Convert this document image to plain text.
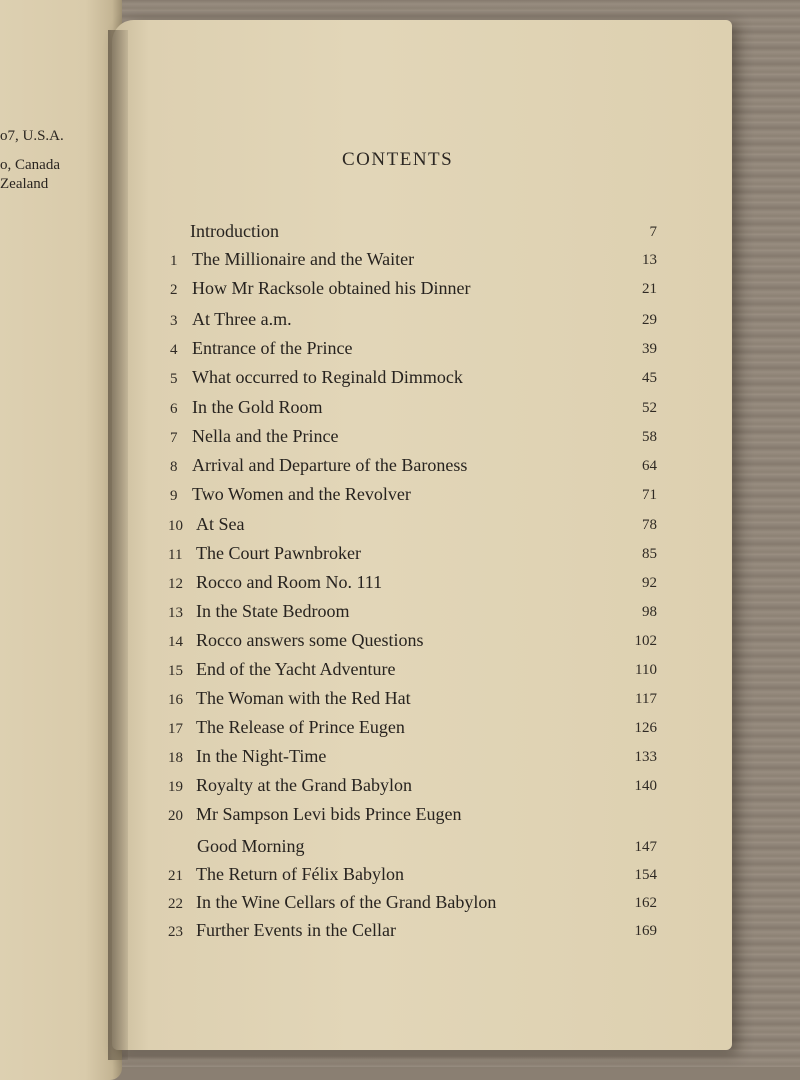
o7, U.S.A.
o, Canada
Zealand
CONTENTS
Introduction	7
1 The Millionaire and the Waiter	13
2 How Mr Racksole obtained his Dinner	21
3 At Three a.m.	29
4 Entrance of the Prince	39
5 What occurred to Reginald Dimmock	45
6 In the Gold Room	52
7 Nella and the Prince	58
8 Arrival and Departure of the Baroness	64
9 Two Women and the Revolver	71
10 At Sea	78
11 The Court Pawnbroker	85
12 Rocco and Room No. 111	92
13 In the State Bedroom	98
14 Rocco answers some Questions	102
15 End of the Yacht Adventure	110
16 The Woman with the Red Hat	117
17 The Release of Prince Eugen	126
18 In the Night-Time	133
19 Royalty at the Grand Babylon	140
20 Mr Sampson Levi bids Prince Eugen
Good Morning	147
21 The Return of Félix Babylon	154
22 In the Wine Cellars of the Grand Babylon	162
23 Further Events in the Cellar	169
